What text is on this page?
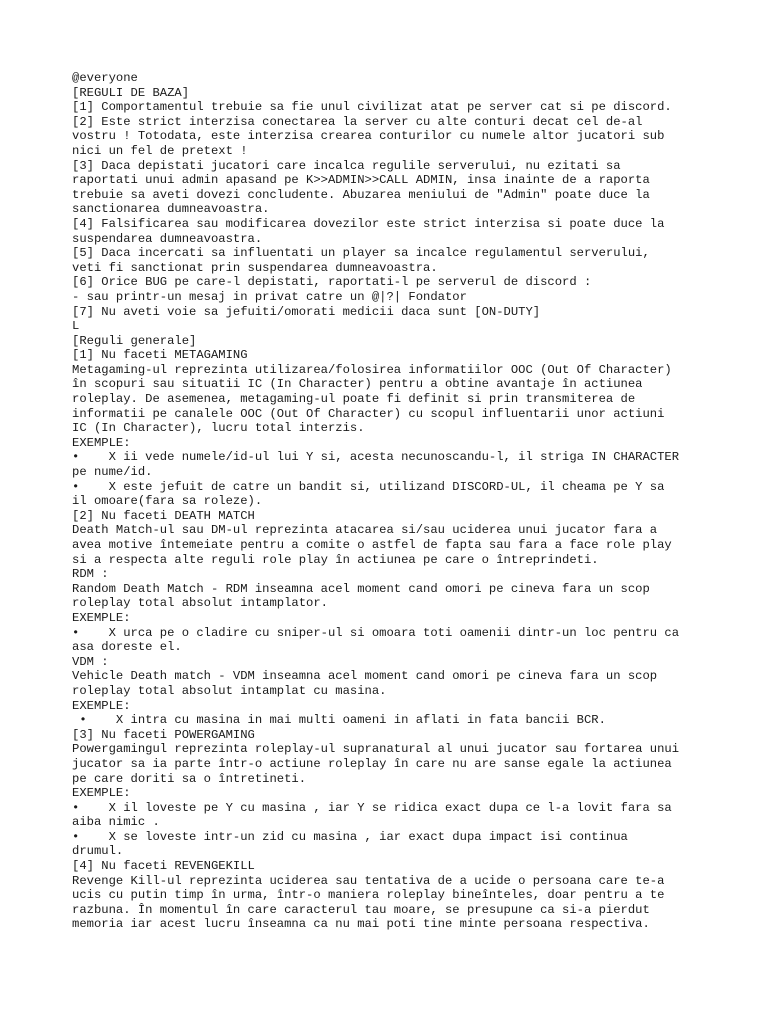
@everyone
[REGULI DE BAZA]
[1] Comportamentul trebuie sa fie unul civilizat atat pe server cat si pe discord.
[2] Este strict interzisa conectarea la server cu alte conturi decat cel de-al
vostru ! Totodata, este interzisa crearea conturilor cu numele altor jucatori sub
nici un fel de pretext !
[3] Daca depistati jucatori care incalca regulile serverului, nu ezitati sa
raportati unui admin apasand pe K>>ADMIN>>CALL ADMIN, insa inainte de a raporta
trebuie sa aveti dovezi concludente. Abuzarea meniului de "Admin" poate duce la
sanctionarea dumneavoastra.
[4] Falsificarea sau modificarea dovezilor este strict interzisa si poate duce la
suspendarea dumneavoastra.
[5] Daca incercati sa influentati un player sa incalce regulamentul serverului,
veti fi sanctionat prin suspendarea dumneavoastra.
[6] Orice BUG pe care-l depistati, raportati-l pe serverul de discord :
- sau printr-un mesaj in privat catre un @|?| Fondator
[7] Nu aveti voie sa jefuiti/omorati medicii daca sunt [ON-DUTY]
L
[Reguli generale]
[1] Nu faceti METAGAMING
Metagaming-ul reprezinta utilizarea/folosirea informatiilor OOC (Out Of Character)
în scopuri sau situatii IC (In Character) pentru a obtine avantaje în actiunea
roleplay. De asemenea, metagaming-ul poate fi definit si prin transmiterea de
informatii pe canalele OOC (Out Of Character) cu scopul influentarii unor actiuni
IC (In Character), lucru total interzis.
EXEMPLE:
•    X ii vede numele/id-ul lui Y si, acesta necunoscandu-l, il striga IN CHARACTER
pe nume/id.
•    X este jefuit de catre un bandit si, utilizand DISCORD-UL, il cheama pe Y sa
il omoare(fara sa roleze).
[2] Nu faceti DEATH MATCH
Death Match-ul sau DM-ul reprezinta atacarea si/sau uciderea unui jucator fara a
avea motive întemeiate pentru a comite o astfel de fapta sau fara a face role play
si a respecta alte reguli role play în actiunea pe care o întreprindeti.
RDM :
Random Death Match - RDM inseamna acel moment cand omori pe cineva fara un scop
roleplay total absolut intamplator.
EXEMPLE:
•    X urca pe o cladire cu sniper-ul si omoara toti oamenii dintr-un loc pentru ca
asa doreste el.
VDM :
Vehicle Death match - VDM inseamna acel moment cand omori pe cineva fara un scop
roleplay total absolut intamplat cu masina.
EXEMPLE:
•    X intra cu masina in mai multi oameni in aflati in fata bancii BCR.
[3] Nu faceti POWERGAMING
Powergamingul reprezinta roleplay-ul supranatural al unui jucator sau fortarea unui
jucator sa ia parte într-o actiune roleplay în care nu are sanse egale la actiunea
pe care doriti sa o întretineti.
EXEMPLE:
•    X il loveste pe Y cu masina , iar Y se ridica exact dupa ce l-a lovit fara sa
aiba nimic .
•    X se loveste intr-un zid cu masina , iar exact dupa impact isi continua
drumul.
[4] Nu faceti REVENGEKILL
Revenge Kill-ul reprezinta uciderea sau tentativa de a ucide o persoana care te-a
ucis cu putin timp în urma, într-o maniera roleplay bineînteles, doar pentru a te
razbuna. În momentul în care caracterul tau moare, se presupune ca si-a pierdut
memoria iar acest lucru înseamna ca nu mai poti tine minte persoana respectiva.
